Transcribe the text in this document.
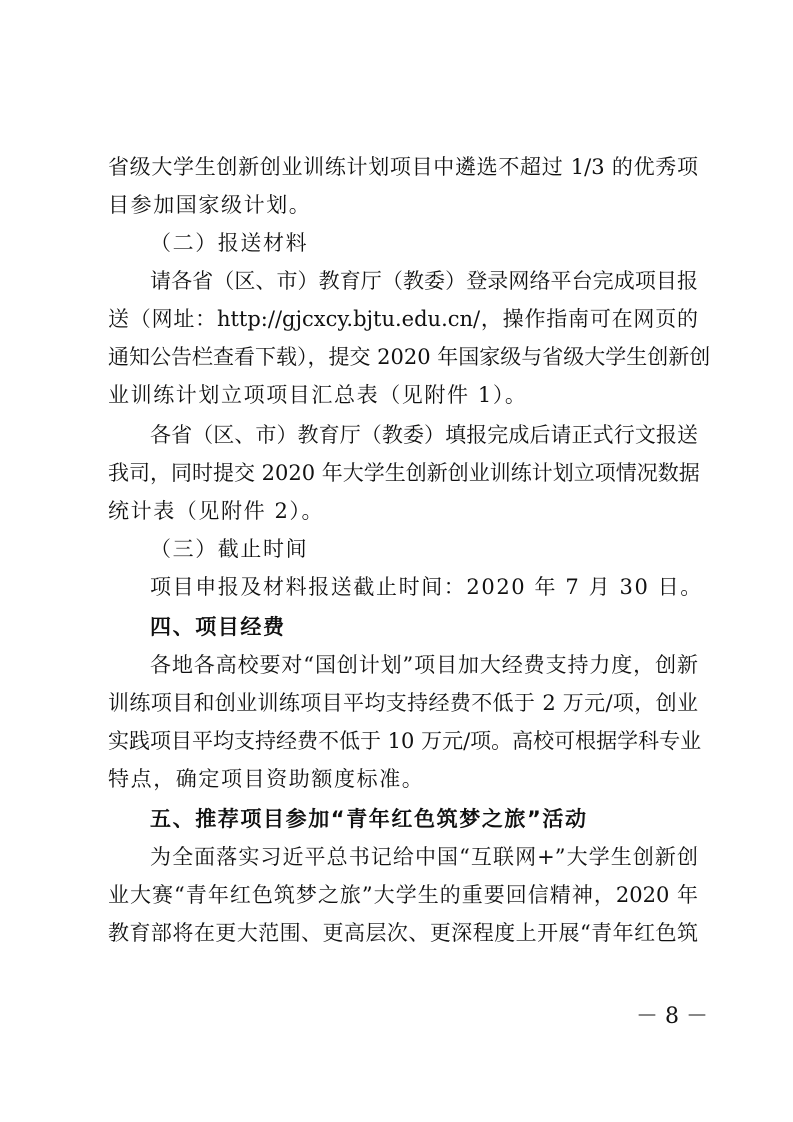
省级大学生创新创业训练计划项目中遴选不超过 1/3 的优秀项
目参加国家级计划。
（二）报送材料
请各省（区、市）教育厅（教委）登录网络平台完成项目报
送（网址：http://gjcxcy.bjtu.edu.cn/，操作指南可在网页的
通知公告栏查看下载），提交 2020 年国家级与省级大学生创新创
业训练计划立项项目汇总表（见附件 1）。
各省（区、市）教育厅（教委）填报完成后请正式行文报送
我司，同时提交 2020 年大学生创新创业训练计划立项情况数据
统计表（见附件 2）。
（三）截止时间
项目申报及材料报送截止时间：2020 年 7 月 30 日。
四、项目经费
各地各高校要对“国创计划”项目加大经费支持力度，创新
训练项目和创业训练项目平均支持经费不低于 2 万元/项，创业
实践项目平均支持经费不低于 10 万元/项。高校可根据学科专业
特点，确定项目资助额度标准。
五、推荐项目参加“青年红色筑梦之旅”活动
为全面落实习近平总书记给中国“互联网+”大学生创新创
业大赛“青年红色筑梦之旅”大学生的重要回信精神，2020 年
教育部将在更大范围、更高层次、更深程度上开展“青年红色筑
－ 8 －
